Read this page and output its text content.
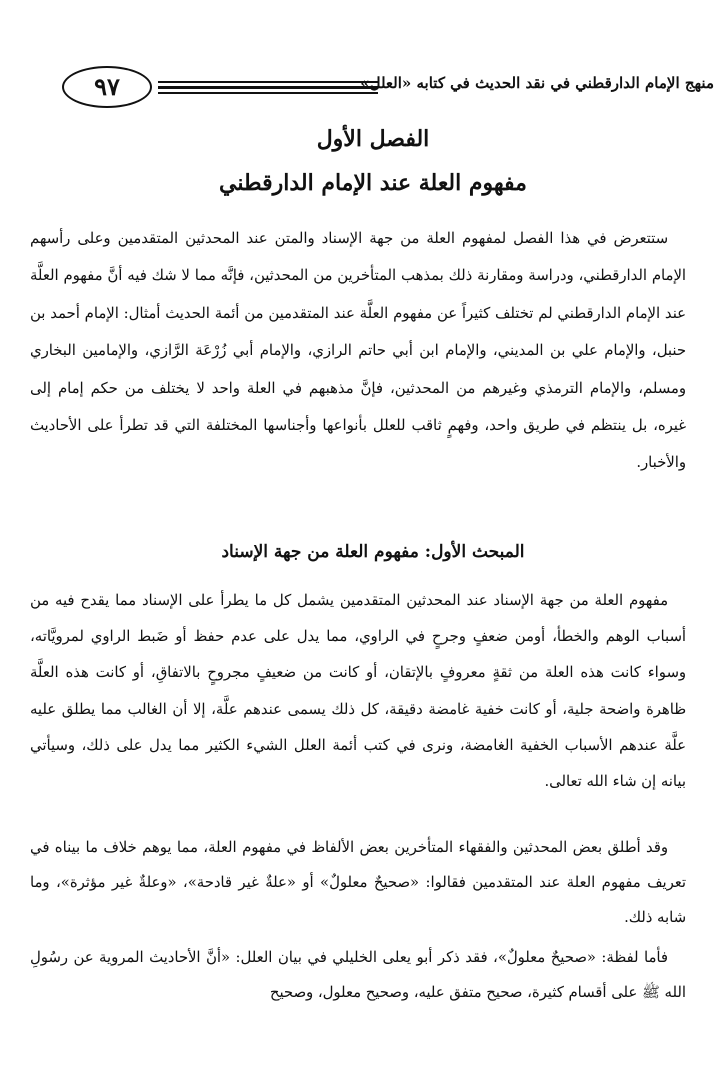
٩٧	منهج الإمام الدارقطني في نقد الحديث في كتابه «العلل»
الفصل الأول
مفهوم العلة عند الإمام الدارقطني
ستتعرض في هذا الفصل لمفهوم العلة من جهة الإسناد والمتن عند المحدثين المتقدمين وعلى رأسهم الإمام الدارقطني، ودراسة ومقارنة ذلك بمذهب المتأخرين من المحدثين، فإنَّه مما لا شك فيه أنَّ مفهوم العلَّة عند الإمام الدارقطني لم تختلف كثيراً عن مفهوم العلَّة عند المتقدمين من أئمة الحديث أمثال: الإمام أحمد بن حنبل، والإمام علي بن المديني، والإمام ابن أبي حاتم الرازي، والإمام أبي زُرْعَة الرَّازي، والإمامين البخاري ومسلم، والإمام الترمذي وغيرهم من المحدثين، فإنَّ مذهبهم في العلة واحد لا يختلف من حكم إمام إلى غيره، بل ينتظم في طريق واحد، وفهمٍ ثاقب للعلل بأنواعها وأجناسها المختلفة التي قد تطرأ على الأحاديث والأخبار.
المبحث الأول: مفهوم العلة من جهة الإسناد
مفهوم العلة من جهة الإسناد عند المحدثين المتقدمين يشمل كل ما يطرأ على الإسناد مما يقدح فيه من أسباب الوهم والخطأ، أومن ضعفٍ وجرحٍ في الراوي، مما يدل على عدم حفظ أو ضَبط الراوي لمرويَّاته، وسواء كانت هذه العلة من ثقةٍ معروفٍ بالإتقان، أو كانت من ضعيفٍ مجروحٍ بالاتفاقِ، أو كانت هذه العلَّة ظاهرة واضحة جلية، أو كانت خفية غامضة دقيقة، كل ذلك يسمى عندهم علَّة، إلا أن الغالب مما يطلق عليه علَّة عندهم الأسباب الخفية الغامضة، ونرى في كتب أئمة العلل الشيء الكثير مما يدل على ذلك، وسيأتي بيانه إن شاء الله تعالى.
وقد أطلق بعض المحدثين والفقهاء المتأخرين بعض الألفاظ في مفهوم العلة، مما يوهم خلاف ما بيناه في تعريف مفهوم العلة عند المتقدمين فقالوا: «صحيحٌ معلولٌ» أو «علةٌ غير قادحة»، «وعلةٌ غير مؤثرة»، وما شابه ذلك.
فأما لفظة: «صحيحٌ معلولٌ»، فقد ذكر أبو يعلى الخليلي في بيان العلل: «أنَّ الأحاديث المروية عن رسُولِ الله ﷺ على أقسام كثيرة، صحيح متفق عليه، وصحيح معلول، وصحيح
